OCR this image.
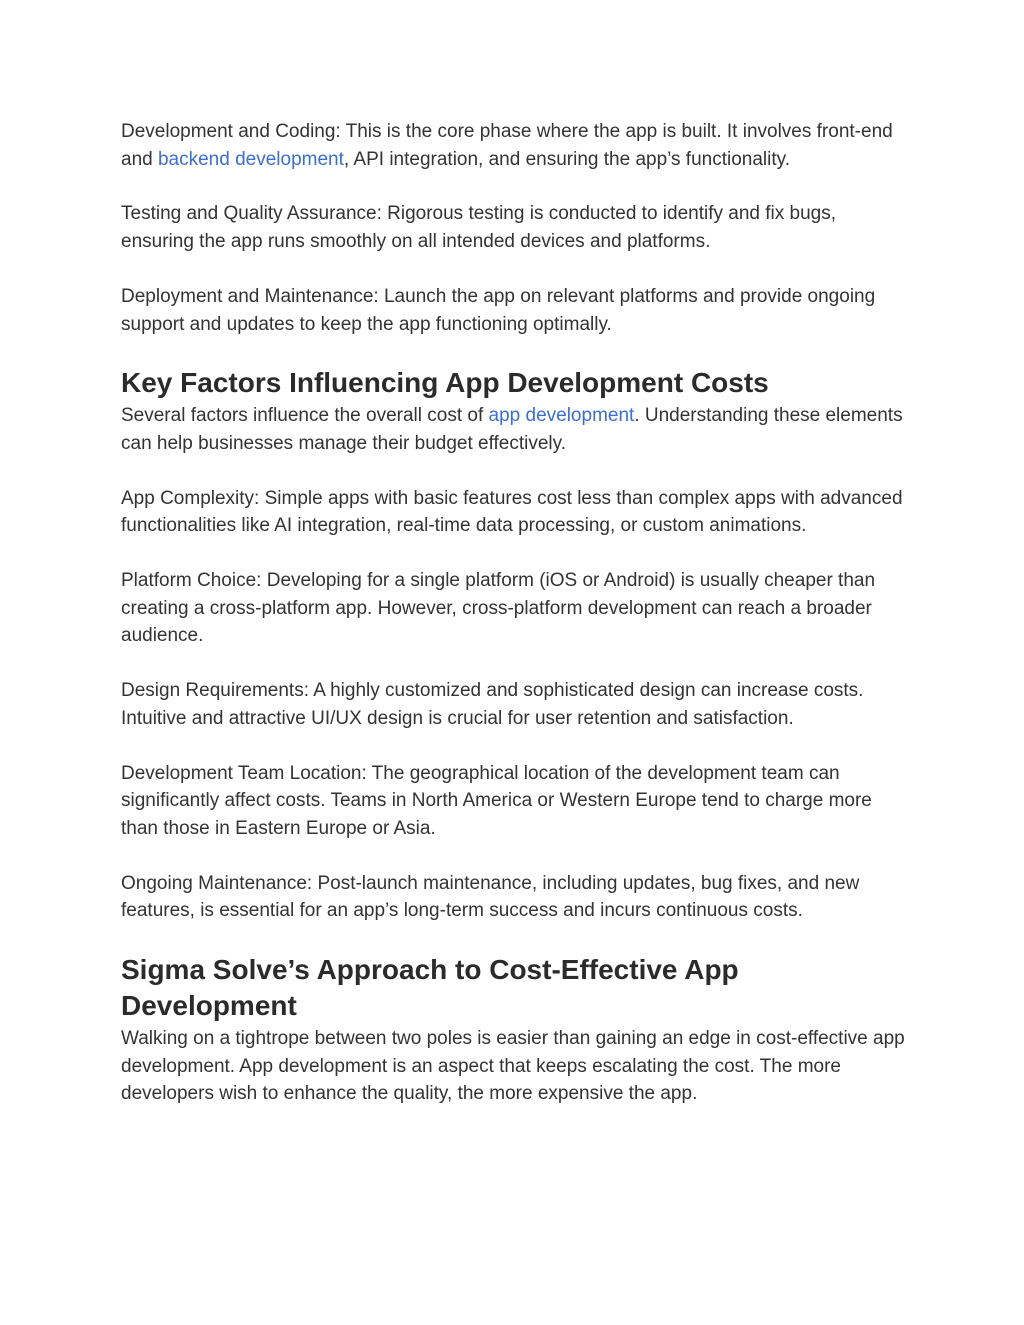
Development and Coding: This is the core phase where the app is built. It involves front-end and backend development, API integration, and ensuring the app’s functionality.

Testing and Quality Assurance: Rigorous testing is conducted to identify and fix bugs, ensuring the app runs smoothly on all intended devices and platforms.

Deployment and Maintenance: Launch the app on relevant platforms and provide ongoing support and updates to keep the app functioning optimally.

Key Factors Influencing App Development Costs

Several factors influence the overall cost of app development. Understanding these elements can help businesses manage their budget effectively.

App Complexity: Simple apps with basic features cost less than complex apps with advanced functionalities like AI integration, real-time data processing, or custom animations.

Platform Choice: Developing for a single platform (iOS or Android) is usually cheaper than creating a cross-platform app. However, cross-platform development can reach a broader audience.

Design Requirements: A highly customized and sophisticated design can increase costs. Intuitive and attractive UI/UX design is crucial for user retention and satisfaction.

Development Team Location: The geographical location of the development team can significantly affect costs. Teams in North America or Western Europe tend to charge more than those in Eastern Europe or Asia.

Ongoing Maintenance: Post-launch maintenance, including updates, bug fixes, and new features, is essential for an app’s long-term success and incurs continuous costs.

Sigma Solve’s Approach to Cost-Effective App Development

Walking on a tightrope between two poles is easier than gaining an edge in cost-effective app development. App development is an aspect that keeps escalating the cost. The more developers wish to enhance the quality, the more expensive the app.
